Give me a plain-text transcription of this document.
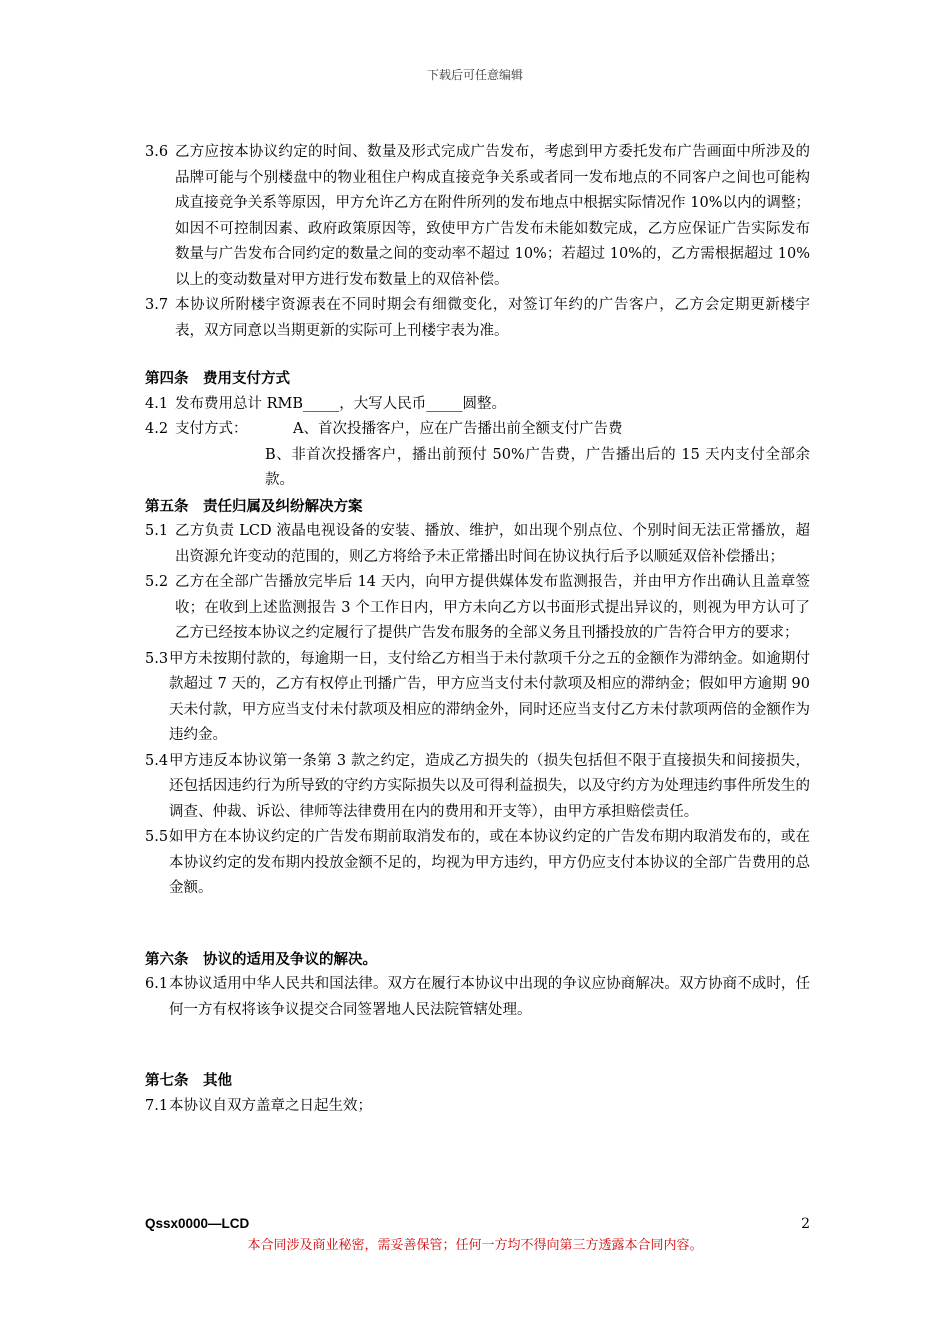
下载后可任意编辑
3.6 乙方应按本协议约定的时间、数量及形式完成广告发布，考虑到甲方委托发布广告画面中所涉及的品牌可能与个别楼盘中的物业租住户构成直接竞争关系或者同一发布地点的不同客户之间也可能构成直接竞争关系等原因，甲方允许乙方在附件所列的发布地点中根据实际情况作 10%以内的调整；如因不可控制因素、政府政策原因等，致使甲方广告发布未能如数完成，乙方应保证广告实际发布数量与广告发布合同约定的数量之间的变动率不超过 10%；若超过 10%的，乙方需根据超过 10%以上的变动数量对甲方进行发布数量上的双倍补偿。
3.7 本协议所附楼宇资源表在不同时期会有细微变化，对签订年约的广告客户，乙方会定期更新楼宇表，双方同意以当期更新的实际可上刊楼宇表为准。
第四条　费用支付方式
4.1 发布费用总计 RMB_____，大写人民币_____圆整。
4.2 支付方式：	A、首次投播客户，应在广告播出前全额支付广告费
B、非首次投播客户，播出前预付 50%广告费，广告播出后的 15 天内支付全部余款。
第五条　责任归属及纠纷解决方案
5.1 乙方负责 LCD 液晶电视设备的安装、播放、维护，如出现个别点位、个别时间无法正常播放，超出资源允许变动的范围的，则乙方将给予未正常播出时间在协议执行后予以顺延双倍补偿播出；
5.2 乙方在全部广告播放完毕后 14 天内，向甲方提供媒体发布监测报告，并由甲方作出确认且盖章签收；在收到上述监测报告 3 个工作日内，甲方未向乙方以书面形式提出异议的，则视为甲方认可了乙方已经按本协议之约定履行了提供广告发布服务的全部义务且刊播投放的广告符合甲方的要求；
5.3 甲方未按期付款的，每逾期一日，支付给乙方相当于未付款项千分之五的金额作为滞纳金。如逾期付款超过 7 天的，乙方有权停止刊播广告，甲方应当支付未付款项及相应的滞纳金；假如甲方逾期 90 天未付款，甲方应当支付未付款项及相应的滞纳金外，同时还应当支付乙方未付款项两倍的金额作为违约金。
5.4 甲方违反本协议第一条第 3 款之约定，造成乙方损失的（损失包括但不限于直接损失和间接损失，还包括因违约行为所导致的守约方实际损失以及可得利益损失，以及守约方为处理违约事件所发生的调查、仲裁、诉讼、律师等法律费用在内的费用和开支等），由甲方承担赔偿责任。
5.5 如甲方在本协议约定的广告发布期前取消发布的，或在本协议约定的广告发布期内取消发布的，或在本协议约定的发布期内投放金额不足的，均视为甲方违约，甲方仍应支付本协议的全部广告费用的总金额。
第六条　协议的适用及争议的解决。
6.1 本协议适用中华人民共和国法律。双方在履行本协议中出现的争议应协商解决。双方协商不成时，任何一方有权将该争议提交合同签署地人民法院管辖处理。
第七条　其他
7.1 本协议自双方盖章之日起生效；
Qssx0000—LCD	2
本合同涉及商业秘密，需妥善保管；任何一方均不得向第三方透露本合同内容。
